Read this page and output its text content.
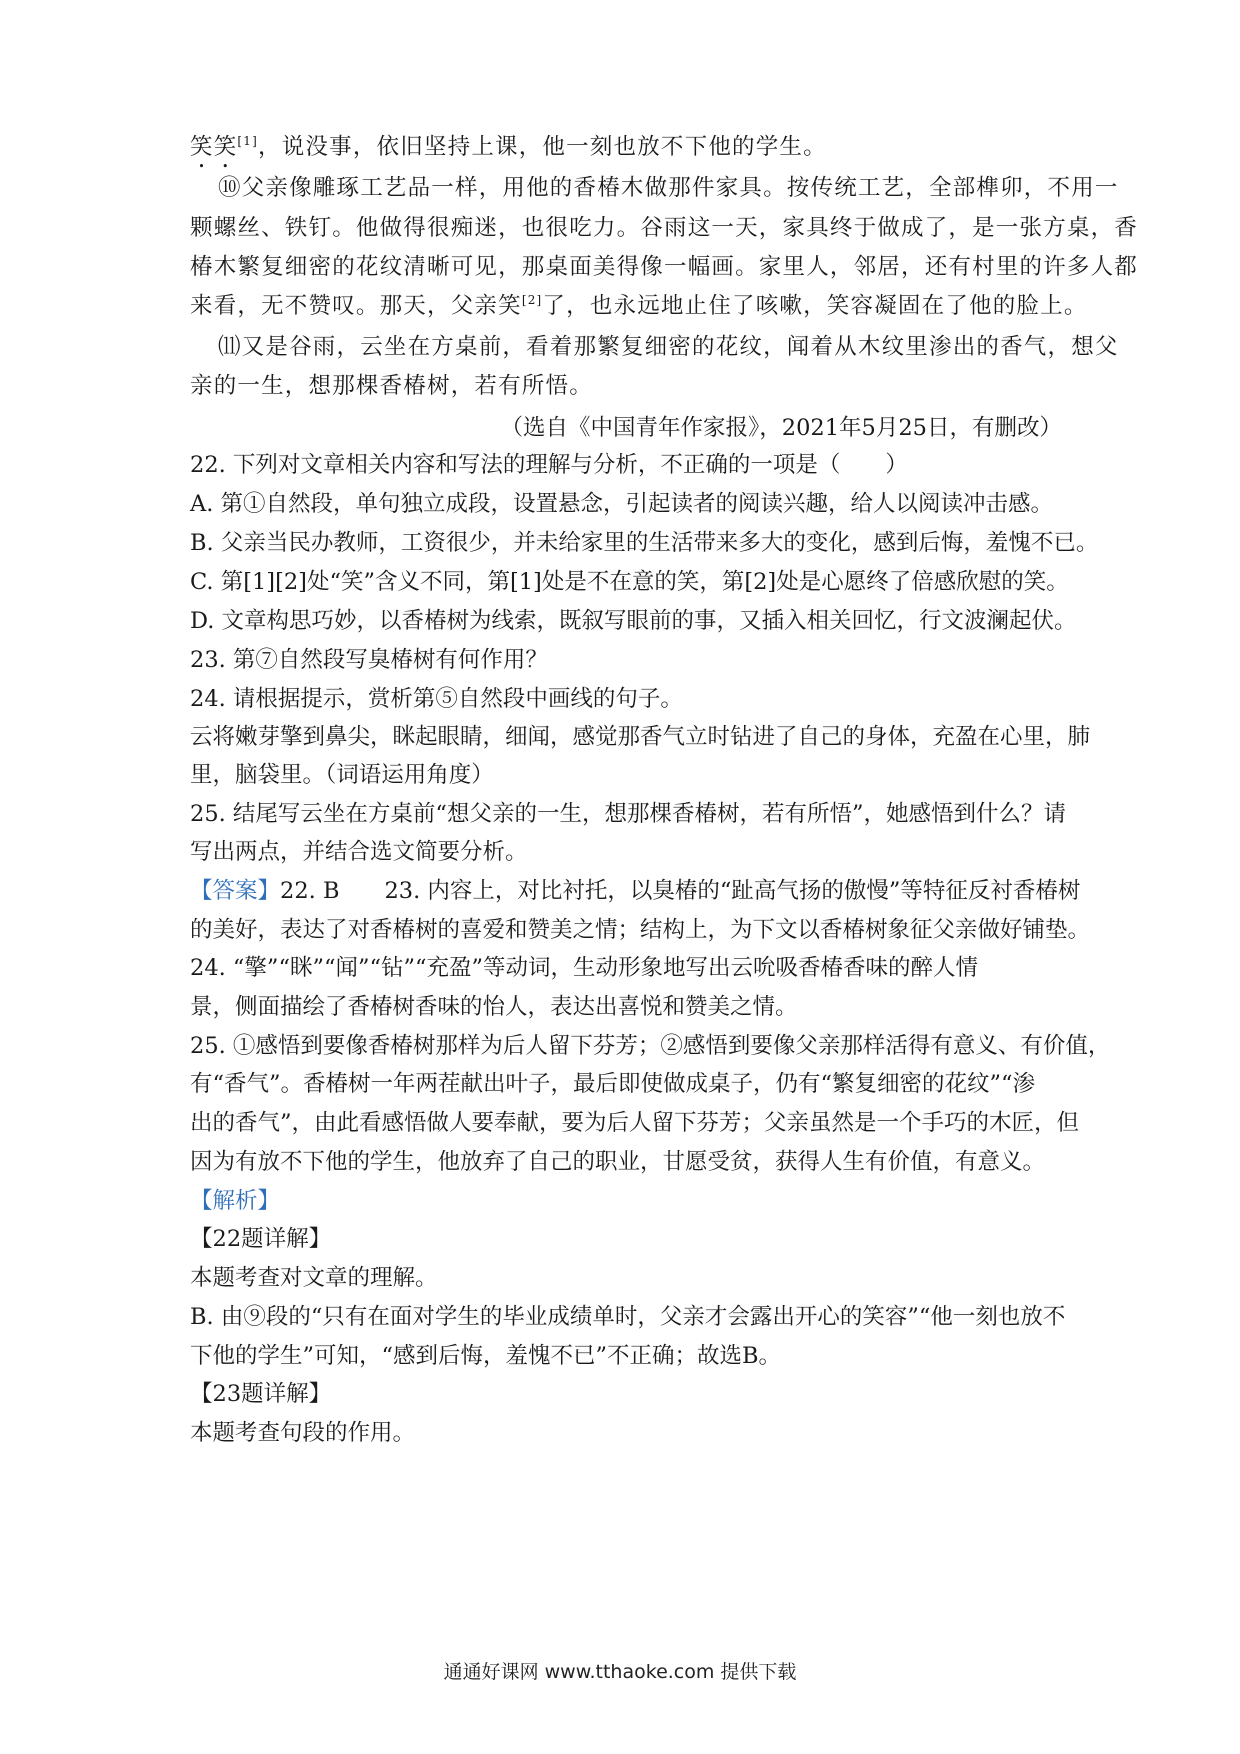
笑笑[1]，说没事，依旧坚持上课，他一刻也放不下他的学生。
⑩父亲像雕琢工艺品一样，用他的香椿木做那件家具。按传统工艺，全部榫卯，不用一
颗螺丝、铁钉。他做得很痴迷，也很吃力。谷雨这一天，家具终于做成了，是一张方桌，香
椿木繁复细密的花纹清晰可见，那桌面美得像一幅画。家里人，邻居，还有村里的许多人都
来看，无不赞叹。那天，父亲笑[2]了，也永远地止住了咳嗽，笑容凝固在了他的脸上。
⑾又是谷雨，云坐在方桌前，看着那繁复细密的花纹，闻着从木纹里渗出的香气，想父
亲的一生，想那棵香椿树，若有所悟。
（选自《中国青年作家报》，2021年5月25日，有删改）
22. 下列对文章相关内容和写法的理解与分析，不正确的一项是（　　）
A. 第①自然段，单句独立成段，设置悬念，引起读者的阅读兴趣，给人以阅读冲击感。
B. 父亲当民办教师，工资很少，并未给家里的生活带来多大的变化，感到后悔，羞愧不已。
C. 第[1][2]处“笑”含义不同，第[1]处是不在意的笑，第[2]处是心愿终了倍感欣慰的笑。
D. 文章构思巧妙，以香椿树为线索，既叙写眼前的事，又插入相关回忆，行文波澜起伏。
23. 第⑦自然段写臭椿树有何作用？
24. 请根据提示，赏析第⑤自然段中画线的句子。
云将嫩芽擎到鼻尖，眯起眼睛，细闻，感觉那香气立时钻进了自己的身体，充盈在心里，肺
里，脑袋里。（词语运用角度）
25. 结尾写云坐在方桌前“想父亲的一生，想那棵香椿树，若有所悟”，她感悟到什么？请
写出两点，并结合选文简要分析。
【答案】22. B　　23. 内容上，对比衬托，以臭椿的“趾高气扬的傲慢”等特征反衬香椿树
的美好，表达了对香椿树的喜爱和赞美之情；结构上，为下文以香椿树象征父亲做好铺垫。
24. “擎”“眯”“闻”“钻”“充盈”等动词，生动形象地写出云吮吸香椿香味的醉人情
景，侧面描绘了香椿树香味的怡人，表达出喜悦和赞美之情。
25. ①感悟到要像香椿树那样为后人留下芬芳；②感悟到要像父亲那样活得有意义、有价值，
有“香气”。香椿树一年两茬献出叶子，最后即使做成桌子，仍有“繁复细密的花纹”“渗
出的香气”，由此看感悟做人要奉献，要为后人留下芬芳；父亲虽然是一个手巧的木匠，但
因为有放不下他的学生，他放弃了自己的职业，甘愿受贫，获得人生有价值，有意义。
【解析】
【22题详解】
本题考查对文章的理解。
B. 由⑨段的“只有在面对学生的毕业成绩单时，父亲才会露出开心的笑容”“他一刻也放不
下他的学生”可知，“感到后悔，羞愧不已”不正确；故选B。
【23题详解】
本题考查句段的作用。
通通好课网 www.tthaoke.com 提供下载
